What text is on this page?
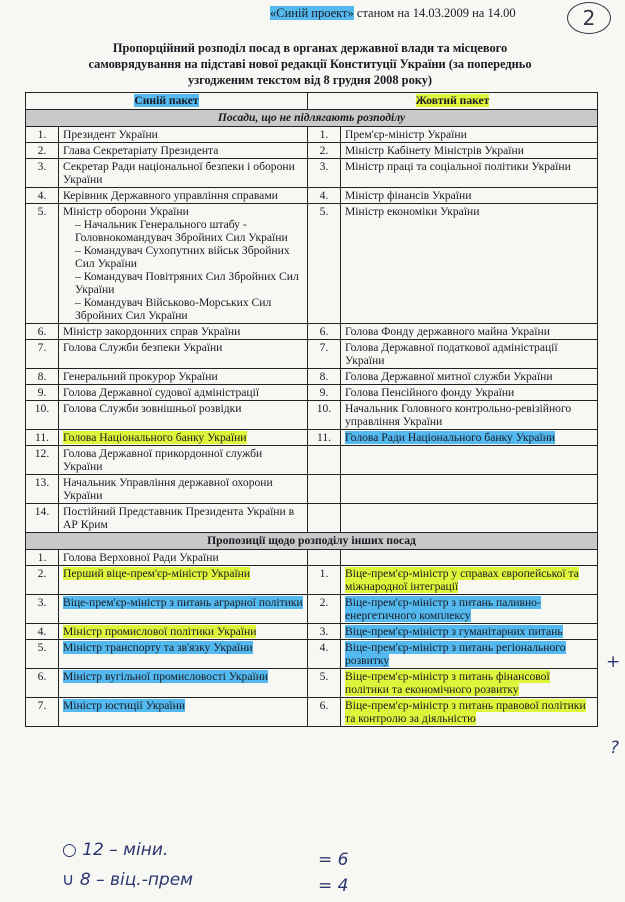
«Синій проект» станом на 14.03.2009 на 14.00	2
Пропорційний розподіл посад в органах державної влади та місцевого самоврядування на підставі нової редакції Конституції України (за попередньо узгодженим текстом від 8 грудня 2008 року)
Синій пакет		Жовтий пакет	
Посади, що не підлягають розподілу			
1.	Президент України	1.	Прем'єр-міністр України
2.	Глава Секретаріату Президента	2.	Міністр Кабінету Міністрів України
3.	Секретар Ради національної безпеки і оборони України	3.	Міністр праці та соціальної політики України
4.	Керівник Державного управління справами	4.	Міністр фінансів України
5.	Міністр оборони України
– Начальник Генерального штабу - Головнокомандувач Збройних Сил України
– Командувач Сухопутних військ Збройних Сил України
– Командувач Повітряних Сил Збройних Сил України
– Командувач Військово-Морських Сил Збройних Сил України	5.	Міністр економіки України
6.	Міністр закордонних справ України	6.	Голова Фонду державного майна України
7.	Голова Служби безпеки України	7.	Голова Державної податкової адміністрації України
8.	Генеральний прокурор України	8.	Голова Державної митної служби України
9.	Голова Державної судової адміністрації	9.	Голова Пенсійного фонду України
10.	Голова Служби зовнішньої розвідки	10.	Начальник Головного контрольно-ревізійного управління України
11.	Голова Національного банку України	11.	Голова Ради Національного банку України
12.	Голова Державної прикордонної служби України		
13.	Начальник Управління державної охорони України		
14.	Постійний Представник Президента України в АР Крим		
Пропозиції щодо розподілу інших посад			
1.	Голова Верховної Ради України		
2.	Перший віце-прем'єр-міністр України	1.	Віце-прем'єр-міністр у справах європейської та міжнародної інтеграції
3.	Віце-прем'єр-міністр з питань аграрної політики	2.	Віце-прем'єр-міністр з питань паливно-енергетичного комплексу
4.	Міністр промислової політики України	3.	Віце-прем'єр-міністр з гуманітарних питань
5.	Міністр транспорту та зв'язку України	4.	Віце-прем'єр-міністр з питань регіонального розвитку
6.	Міністр вугільної промисловості України	5.	Віце-прем'єр-міністр з питань фінансової політики та економічного розвитку
7.	Міністр юстиції України	6.	Віце-прем'єр-міністр з питань правової політики та контролю за діяльністю
○ 12 – міни.
∪ 8 – віц.-прем
= 6
= 4
+
?
